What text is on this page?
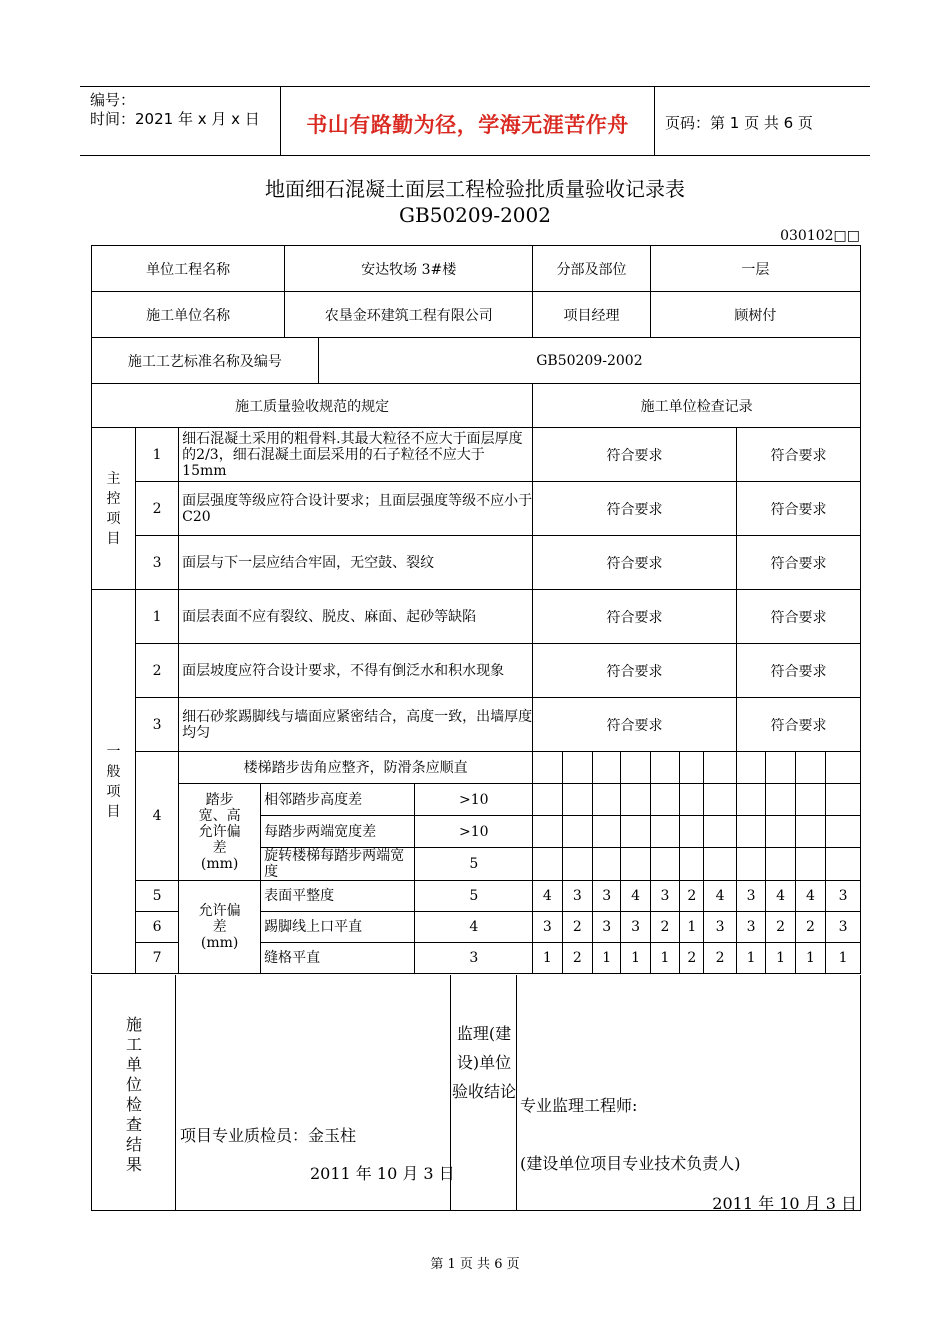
编号：
时间：2021 年 x 月 x 日	书山有路勤为径，学海无涯苦作舟	页码：第 1 页 共 6 页
地面细石混凝土面层工程检验批质量验收记录表
GB50209-2002
030102□□
单位工程名称				安达牧场 3#楼			分部及部位				一层						
施工单位名称				农垦金环建筑工程有限公司			项目经理				顾树付						
施工工艺标准名称及编号					GB50209-2002												
施工质量验收规范的规定							施工单位检查记录										

主控项目	1	细石混凝土采用的粗骨料.其最大粒径不应大于面层厚度的2/3，细石混凝土面层采用的石子粒径不应大于 15mm					符合要求							符合要求			
	2	面层强度等级应符合设计要求；且面层强度等级不应小于C20					符合要求							符合要求			
	3	面层与下一层应结合牢固，无空鼓、裂纹					符合要求							符合要求			

一般项目	1	面层表面不应有裂纹、脱皮、麻面、起砂等缺陷					符合要求							符合要求			
	2	面层坡度应符合设计要求，不得有倒泛水和积水现象					符合要求							符合要求			
	3	细石砂浆踢脚线与墙面应紧密结合，高度一致，出墙厚度均匀					符合要求							符合要求			
	4	楼梯踏步齿角应整齐，防滑条应顺直															

		踏步宽、高允许偏差(mm)	相邻踏步高度差			>10											
			每踏步两端宽度差			>10											
			旋转楼梯每踏步两端宽度			5											
	5	允许偏差(mm)	表面平整度			5	4	3	3	4	3	2	4	3	4	4	3
	6		踢脚线上口平直			4	3	2	3	3	2	1	3	3	2	2	3
	7		缝格平直			3	1	2	1	1	1	2	2	1	1	1	1
施工单位检查结果
项目专业质检员：金玉柱
2011 年 10 月 3 日
监理(建设)单位验收结论
专业监理工程师:
(建设单位项目专业技术负责人)
2011 年 10 月 3 日
第 1 页 共 6 页
